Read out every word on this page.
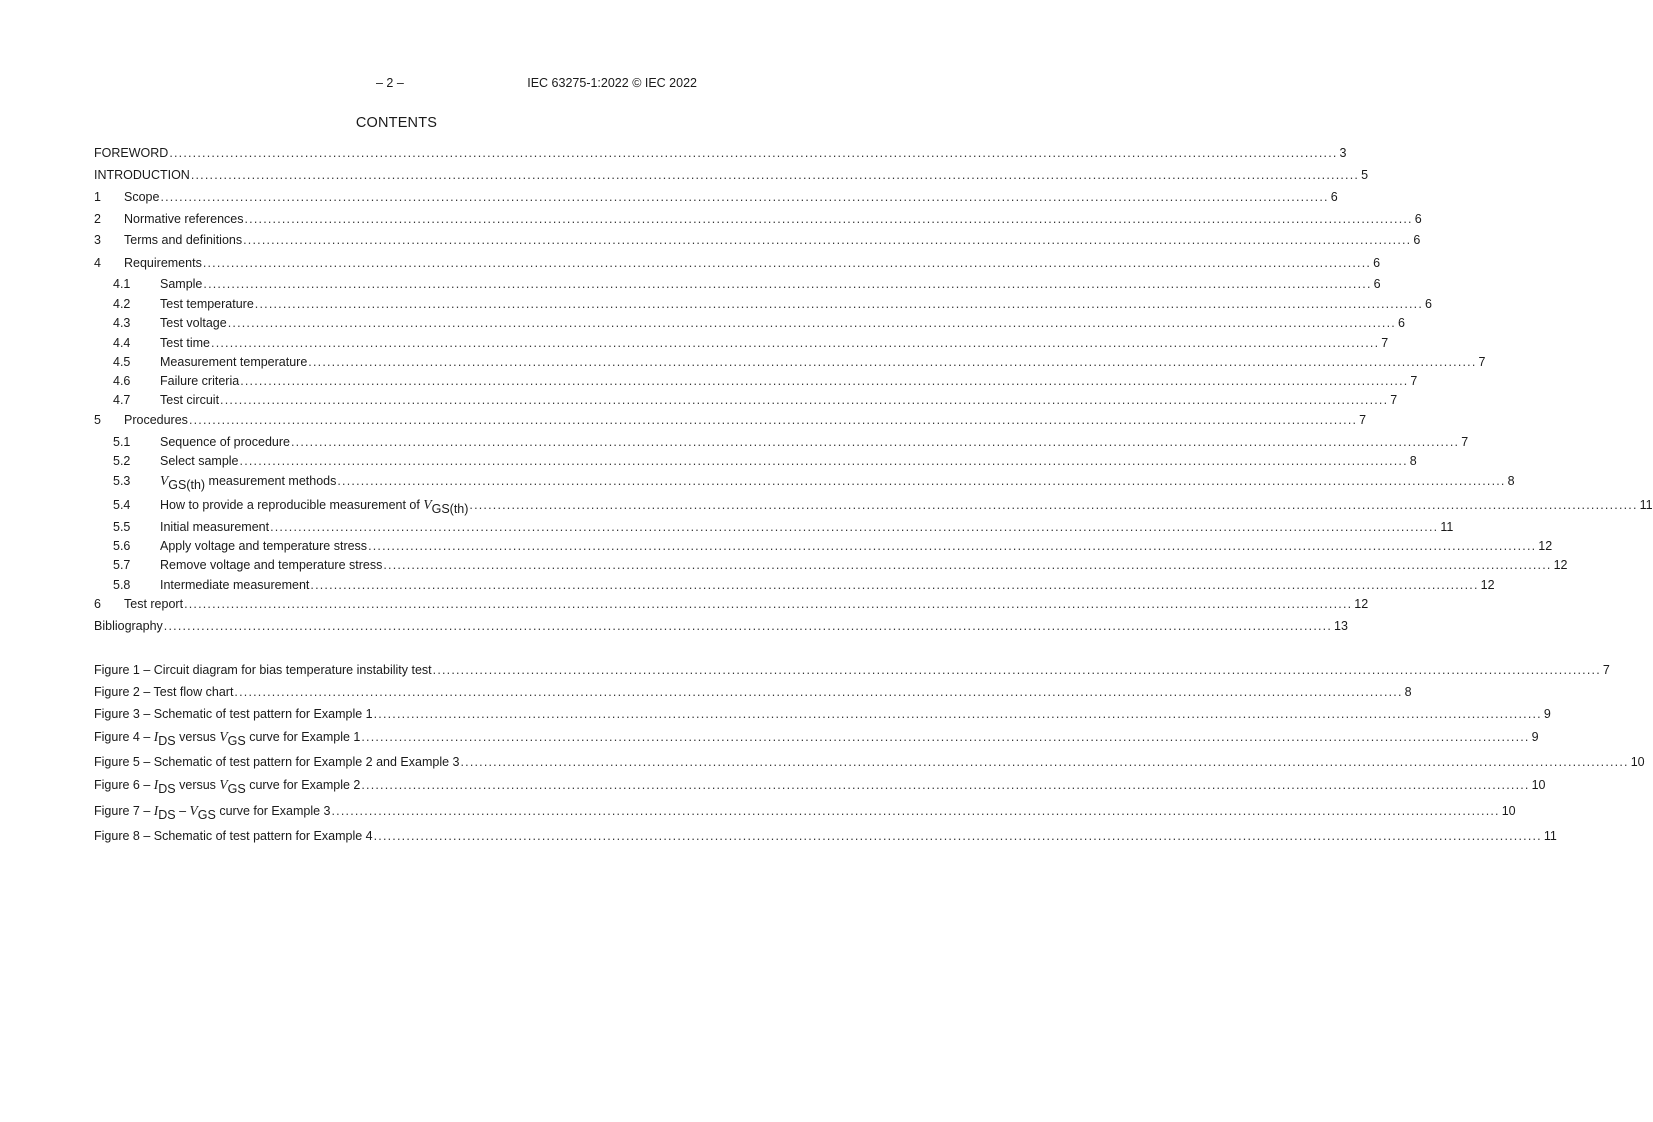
– 2 –	IEC 63275-1:2022 © IEC 2022
CONTENTS
FOREWORD .......................................................................................................................................................................................................................................................... 3
INTRODUCTION .......................................................................................................................................................................................................................................................... 5
1	Scope .......................................................................................................................................................................................................................................................... 6
2	Normative references .......................................................................................................................................................................................................................................................... 6
3	Terms and definitions .......................................................................................................................................................................................................................................................... 6
4	Requirements .......................................................................................................................................................................................................................................................... 6
4.1	Sample .......................................................................................................................................................................................................................................................... 6
4.2	Test temperature .......................................................................................................................................................................................................................................................... 6
4.3	Test voltage .......................................................................................................................................................................................................................................................... 6
4.4	Test time .......................................................................................................................................................................................................................................................... 7
4.5	Measurement temperature .......................................................................................................................................................................................................................................................... 7
4.6	Failure criteria .......................................................................................................................................................................................................................................................... 7
4.7	Test circuit .......................................................................................................................................................................................................................................................... 7
5	Procedures .......................................................................................................................................................................................................................................................... 7
5.1	Sequence of procedure .......................................................................................................................................................................................................................................................... 7
5.2	Select sample .......................................................................................................................................................................................................................................................... 8
5.3	VGS(th) measurement methods .......................................................................................................................................................................................................................................................... 8
5.4	How to provide a reproducible measurement of VGS(th) .......................................................................................................................................................................................................................................................... 11
5.5	Initial measurement .......................................................................................................................................................................................................................................................... 11
5.6	Apply voltage and temperature stress .......................................................................................................................................................................................................................................................... 12
5.7	Remove voltage and temperature stress .......................................................................................................................................................................................................................................................... 12
5.8	Intermediate measurement .......................................................................................................................................................................................................................................................... 12
6	Test report .......................................................................................................................................................................................................................................................... 12
Bibliography .......................................................................................................................................................................................................................................................... 13
Figure 1 – Circuit diagram for bias temperature instability test .......................................................................................................................................................................................................................................................... 7
Figure 2 – Test flow chart .......................................................................................................................................................................................................................................................... 8
Figure 3 – Schematic of test pattern for Example 1 .......................................................................................................................................................................................................................................................... 9
Figure 4 – IDS versus VGS curve for Example 1 .......................................................................................................................................................................................................................................................... 9
Figure 5 – Schematic of test pattern for Example 2 and Example 3 .......................................................................................................................................................................................................................................................... 10
Figure 6 – IDS versus VGS curve for Example 2 .......................................................................................................................................................................................................................................................... 10
Figure 7 – IDS – VGS curve for Example 3 .......................................................................................................................................................................................................................................................... 10
Figure 8 – Schematic of test pattern for Example 4 .......................................................................................................................................................................................................................................................... 11
